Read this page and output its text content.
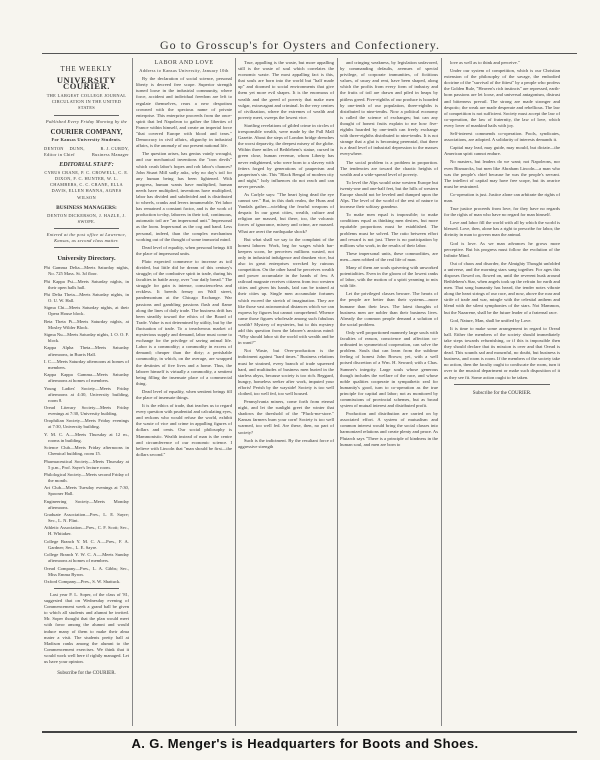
Go to Grosscup's for Oysters and Confectionery.
THE WEEKLY
UNIVERSITY COURIER.
THE LARGEST COLLEGE JOURNAL CIRCULATION IN THE UNITED STATES
Published Every Friday Morning by the
COURIER COMPANY,
For Kansas University Students.
DENTON DUNN, Editor in Chief
R. J. CURDY, Business Manager
EDITORIAL STAFF:
CYRUS CRANE, P. C. CROWELL, C. E. DIXON, F. C. HUNTER, W. L. CHAMBERS, C. C. CRANE, ELLA DAVIS, ELLEN HANNA, AGNES WILSON
BUSINESS MANAGERS:
DENTON DICKERSON, J. HAZLE, J. SWOPE.
Entered at the post office at Lawrence, Kansas, as second class matter.
University Directory.
Phi Gamma Delta—Meets Saturday nights, No. 725 Mass. St. 3d floor.
Phi Kappa Psi—Meets Saturday nights, in their open halls hall.
Phi Delta Theta—Meets Saturday nights, in O. U. W. Hall.
Sigma Chi—Meets Saturday nights, at their Opera House block.
Beta Theta Pi—Meets Saturday nights, at Mosley Wilder Block.
Sigma Nu—Meets Saturday nights, I. O. O. F. block.
Kappa Alpha Theta—Meets Saturday afternoons, in Burris Hall.
I. C.—Meets Saturday afternoons at homes of members.
Kappa Kappa Gamma—Meets Saturday afternoons at homes of members.
Young Ladies' Society—Meets Friday afternoons at 4:30, University building, room 8.
Oread Literary Society—Meets Friday evenings at 7:30, University building.
Orophilian Society—Meets Friday evenings at 7:30, University building.
Y. M. C. A.—Meets Thursday at 12 m., rooms in building.
Science Club—Meets Friday afternoons in Chemical building, room 15.
Pharmaceutical Society—Meets Thursday at 5 p.m., Prof. Sayre's lecture room.
Philological Society—Meets second Friday of the month.
Art Club—Meets Tuesday evenings at 7:30, Spooner Hall.
Engineering Society—Meets Monday afternoons.
Graduate Association—Pres., L. E. Sayre; Sec., L. N. Flint.
Athletic Association—Pres., C. F. Scott; Sec., H. Whitaker.
College Branch Y. M. C. A.—Pres., F. A. Gardner; Sec., L. E. Sayre.
College Branch Y. W. C. A.—Meets Sunday afternoons at homes of members.
Oread Company—Pres., L. A. Gibbs; Sec., Miss Emma Byron.
Oxford Company—Pres., S. W. Shattuck.

Last year P. L. Soper, of the class of '81, suggested that on Wednesday evening of Commencement week a grand ball be given to which all students and alumni be invited. Mr. Soper thought that the plan would meet with favor among the alumni and would induce many of them to make their alma mater a visit. The students pretty hall at Madison ranks among the alumni to the Commencement exercises. We think that it would work well here if rightly managed. Let us have your opinion.

Subscribe for the COURIER.
LABOR AND LOVE
Address to Kansas University, January 10th

By the declaration of social science, personal liberty is decreed free scope. Superior strength turned loose in the industrial community, where force, accident and individual freedom are left to regulate themselves, rears a new despotism crowned with the specious name of private enterprise. This enterprise proceeds from the once-spirit that led Napoleon to gather the liberties of France within himself, and create an imperial force "that covered Europe with blood and tears." Democracy in civil affairs, oligarchy in industrial affairs, is the anomaly of our present national life.

The question arises, has genius vainly wrought, and our mechanical inventions the "iron devils" which crush labor's hopes and rob labor's chances? John Stuart Mill sadly asks, why no day's toil for any human being has been lightened. With progress, human wants have multiplied, human needs have multiplied, inventions have multiplied, labor has divided and subdivided and is distributed to wheels, cranks and levers innumerable. Yet labor has remained a constant factor, and is the work of production to-day, laborers in their toil, continuous, automatic toil are "an impersonal unit." Impersonal as the loom. Impersonal as the cog and band. Less personal, indeed, than the complex mechanism working out of the thought of some immortal mind.

Dead level of equality, when personal beings fill the place of impersonal units.

Plato expected commerce to increase as toil divided, but little did he dream of this century's struggle; of the combative spirit in trade, during his faculties in battle array, over "our daily bread." The struggle for gain is intense, conscienceless and reckless. It breeds frenzy on Wall street, pandemonium at the Chicago Exchange. War passions and gambling passions flash and flame along the lines of daily trade. The business drift has been steadily toward the ethics of the Board of Trade. Value is not determined by utility, but by the fluctuation of trade. To a treacherous market of mysterious supply and demand, labor must come to exchange for the privilege of saving animal life. Labor is a commodity; a commodity in excess of demand; cheaper than the dirty; a perishable commodity, in which, on the average, are wrapped the destinies of five lives and a home. Thus, the laborer himself is virtually a commodity, a sentient being filling the insensate place of a commercial thing.

Dead level of equality, when sentient beings fill the place of insensate things.

It is the ethics of trade, that teaches us to regard every question with prudential and calculating eyes, and reckons who would refuse the world, exhibit the waste of vice and crime in appalling figures of dollars and cents. Our social philosophy is Mammonistic. Wealth instead of man is the centre and circumference of our economic science. I believe with Lincoln that "man should be first—the dollars second."

True, appalling is the waste, but more appalling still is the waste of soul which correlates the economic waste. The most appalling fact is this, that souls are born into the world but "half made up" and doomed to social environments that give them yet more evil shapes. It is the enormous of wealth and the greed of poverty that make men vulgar, extravagant and criminal. In the very centres of civilization, where the extremes of wealth and poverty meet, sweeps the lowest vice.

Startling revelations of gilded crime in circles of irresponsible wealth, were made by the Pall Mall Gazette. About the steps of London bridge drenches the worst depravity, the deepest misery of the globe. Within three miles of Bethlehem's statue, cursed in green close, human revenue, whom Liberty has never enlightened, who were born to a slavery with fetters forged by generations of pauperism and pauperism's sin. This "Black Bengal of modern city and night," holy influences do not reach and can never pervade.

As Carlyle says: "The heart lying dead the eye cannot see." But, in this dark realm, the Huns and Vandals gather—wielding the fearful weapons of despair. In our great cities, wealth, culture and religion are massed, but there, too, the volcanic forces of ignorance, misery and crime, are massed. What are avert the earthquake shock?

But what shall we say to the complaint of the honest laborer. Work, beg for wages which bar-keepers scorn, he perceives millions wasted, not only in industrial indulgence and drunken vice, but also in great enterprises wrecked by ruinous competition. On the other hand he perceives wealth and power accumulate in the hands of few. A railroad magnate receives citizens from two western cities and given his hands, laid can be trained at their cities up. Single men accumulate fortunes which exceed the stretch of imagination. They are like those vast astronomical distances which we can express by figures but cannot comprehend. Whence came those figures wholesale among such fabulous wealth? Mystery of mysteries, but to this mystery add this question from the laborer's anxious mind: "Why should labor sit the world with wealth and be in want?"

Not Waste, but Over-production is the indictment against "hard times." Business relations must be strained, every branch of trade squeezed hard, and multitudes of business men buried in the starless abyss, because society is too rich. Beggard, hungry, homeless seeker after work, imputed your efforts! Perish by the wayside! Society is too well clothed, too well fed, too well housed.

Pennsylvania miners, come forth from eternal night, and let the sunlight greet the winter that shadows the threshold of the "Pluck-me-store." Kansas farmers burn your corn! Society is too well warmed, too well fed. Are these, then, no part of society?

Such is the indictment. By the resultant force of aggressive strength

and cringing weakness, by legislation unfavored, by commanding defaults, avenues of special privilege, of corporate immunities, of fictitious values, of usury and rent, have been shaped, along which the profits from every form of industry and the fruits of toil are drawn and piled in heaps by pitiless greed. Five-eighths of our produce is hoarded by one-tenth of our population, three-eighths is distributed to nine-tenths. Now a political economy is called the science of exchanges; but can any thought of honest fruits explain to me how five-eighths hoarded by one-tenth can freely exchange with three-eighths distributed to nine-tenths. It is not strange that a glut is becoming perennial, that there is a dead level of industrial depression to the masses everywhere.

The social problem is a problem in proportion. The tendencies are toward the chaotic heights of wealth and a wide-spread level of poverty.

To level the Alps would raise western Europe but twenty-one and one-half feet, but the hills of western Europe should not be leveled and dumped upon the Alps. The level of the world of the rest of nature to increase their solitary grandeur.

To make men equal is impossible; to make conditions equal as thinking men desires, but more equitable proportions must be established. The problems must be solved. The ratio between effort and reward is not just. There is no participation by millions who work, in the results of their labor.

These impersonal units, these commodities, are men—men robbed of the real life of man.

Many of them are souls quivering with unworked potentialities. Even in the gloom of the lowest ranks of labor, with the motion of a spirit yearning to mix with life.

Let the privileged classes beware. The hearts of the people are better than their systems—more humane than their laws. The latest thoughts of business men are nobler than their business lives. Already the common people demand a solution of the social problem.

Only well proportioned mannerly large souls with faculties of reason, conscience and affection co-ordinated in symmetrical cooperation, can solve the problem. Souls that can learn from the sublime feeling of honest John Brown; yet, with a well poised discretion of a Wm. H. Seward; with a Chas. Sumner's integrity. Large souls whose generous though includes the welfare of the race, and whose noble qualities cooperate in sympathetic zeal for humanity's good, turn to co-operation as the true principle for capital and labor; not as monitored by commissions of provincial schemes, but as broad system of mutual interest and distributed profit.

Production and distribution are carried on by associated effort. A system of mutualism and common interest would bring the social classes into harmonized relations and create plenty and peace. As Plutarch says "There is a principle of kindness in the human soul, and men are born to

love as well as to think and perceive."

Under our system of competition, which is our Christian extension of the philosophy of the savage, the embodied doctrine of the "survival of the fittest" by a people who profess the Golden Rule, "Heaven's rich instincts" are repressed, earth-born passions are let loose, and universal antagonism, distrust and bitterness prevail. The strong are made stronger and despotic; the weak are made desperate and rebellious. The law of competition is not sufficient. Society must accept the law of co-operation, the law of fraternity, the law of love, which every lover of mankind hails with joy.

Self-interest commends co-operation. Pools, syndicates, associations, are adopted. A solidarity of interests demands it.

Capital may lead, may guide, may mould, but dictate—the American spirit cannot endure.

No masters, but leaders do we want; not Napoleons, nor even Bismarcks, but men like Abraham Lincoln—a man who was the people's chief because he was the people's servant. The intellect of capital may have free scope, but its avarice must be restrained.

Co-operation is just. Justice alone can arbitrate the rights of man.

True justice proceeds from love, for they have no regards for the rights of man who have no regard for man himself.

Love and labor fill the world with all by which the world is blessed. Love, then, alone has a right to prescribe for labor, the divinity in man to govern man the animal.

God is love. As we man advances he grows more perceptive. But his progress must follow the evolution of the Infinite Mind.

Out of chaos and disorder, the Almighty Thought unfolded a universe, and the morning stars sang together. For ages this disposes flowed on, flowed on, until the reverent husk around Bethlehem's Star, when angels took up the refrain for earth and men. That song humanity has heard, the tender notes vibrate along the heart strings of our race, and now, above the roar and strife of trade and war, mingle with the celestial anthem and blend with the silent symphonies of the stars. Not Mammon, but the Nazarene, shall be the future leader of a fraternal race.

God, Nature, Man, shall be unified by Love.

It is time to make some arrangement in regard to Oread hall. Either the members of the society should immediately take steps towards refurnishing, or if this is impossible then they should declare that its mission is over and that Oread is dead. This sounds sad and mournful, no doubt, but business is business, and room is room. If the members of the society take no action, then the faculty ought to confiscate the room, turn it over to the musical department or make such disposition of it as they see fit. Some action ought to be taken.

Subscribe for the COURIER.
A. G. Menger's is Headquarters for Boots and Shoes.
